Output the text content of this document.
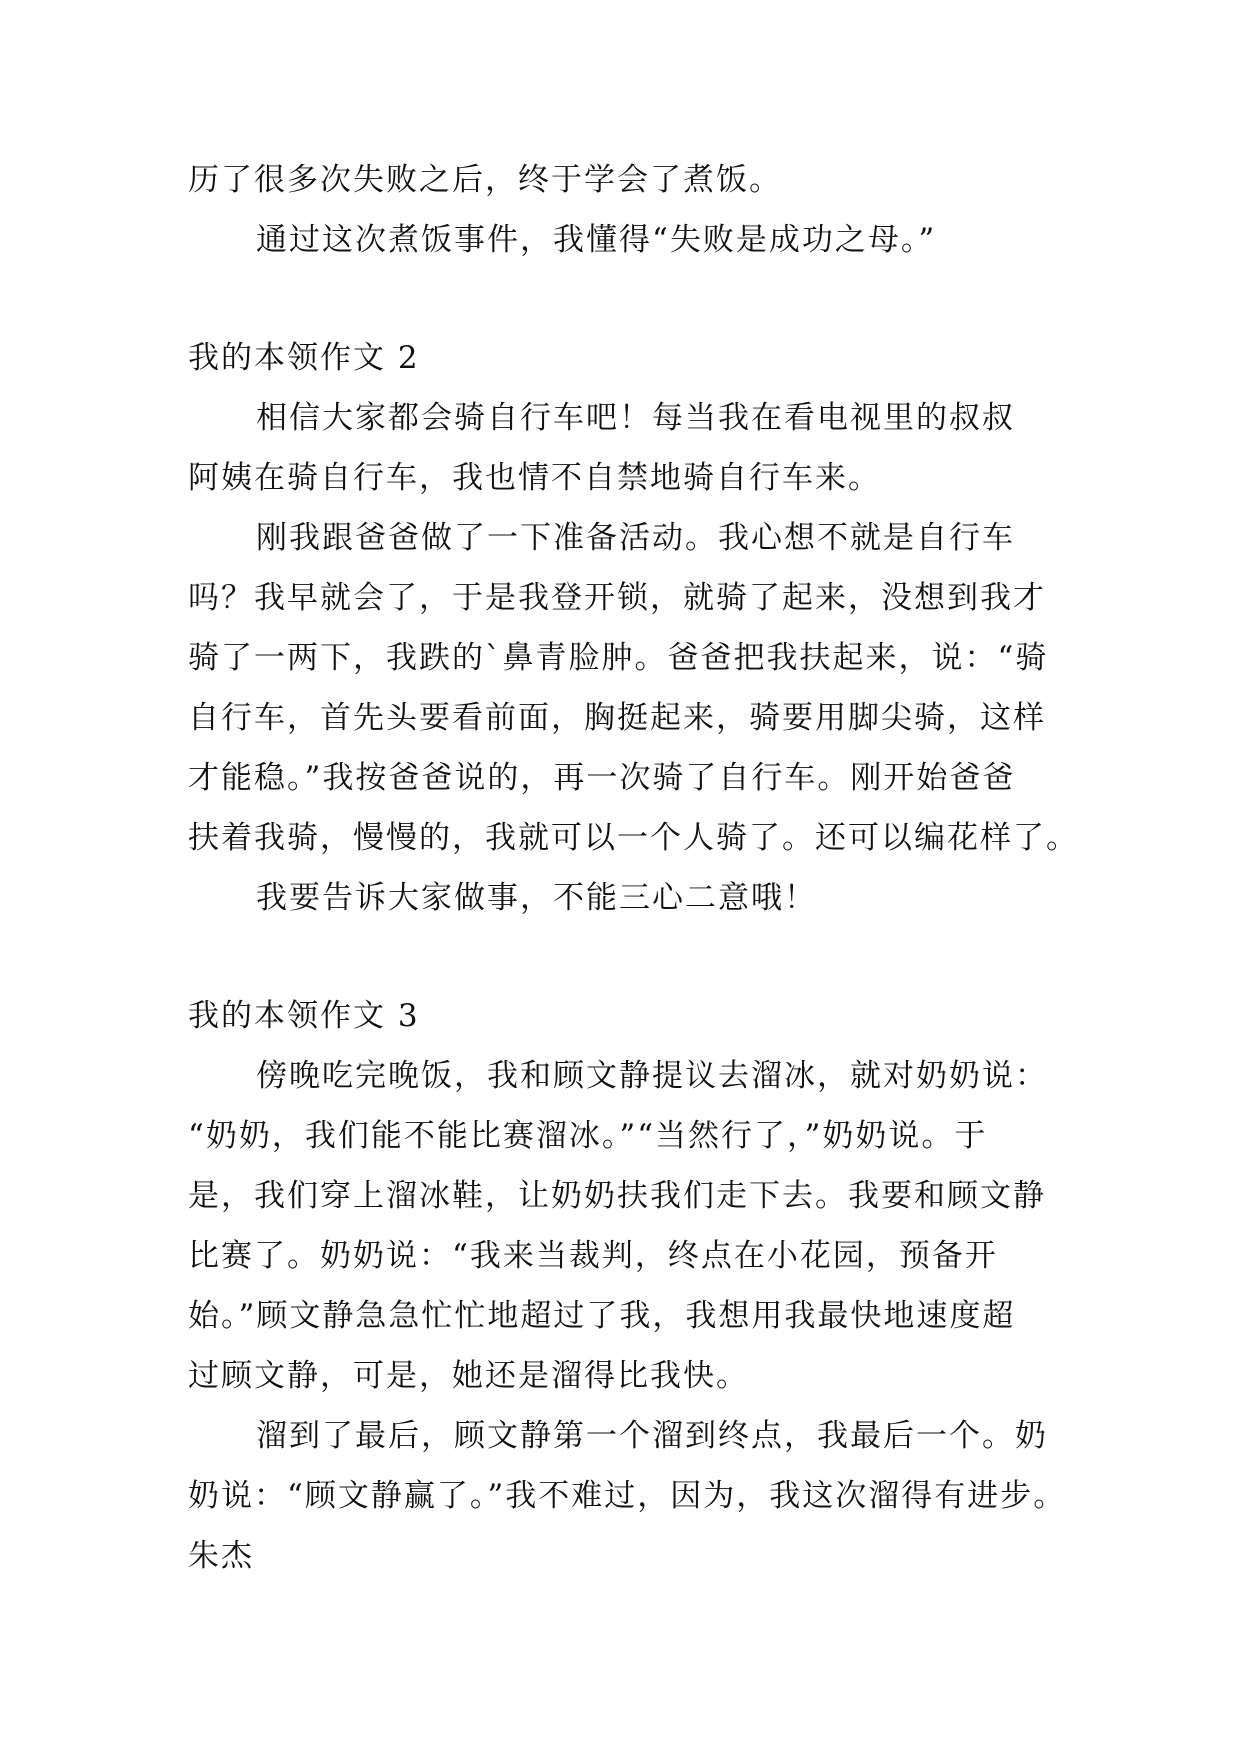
历了很多次失败之后，终于学会了煮饭。
通过这次煮饭事件，我懂得“失败是成功之母。”
我的本领作文 2
相信大家都会骑自行车吧！每当我在看电视里的叔叔
阿姨在骑自行车，我也情不自禁地骑自行车来。
刚我跟爸爸做了一下准备活动。我心想不就是自行车
吗？我早就会了，于是我登开锁，就骑了起来，没想到我才
骑了一两下，我跌的`鼻青脸肿。爸爸把我扶起来，说：“骑
自行车，首先头要看前面，胸挺起来，骑要用脚尖骑，这样
才能稳。”我按爸爸说的，再一次骑了自行车。刚开始爸爸
扶着我骑，慢慢的，我就可以一个人骑了。还可以编花样了。
我要告诉大家做事，不能三心二意哦！
我的本领作文 3
傍晚吃完晚饭，我和顾文静提议去溜冰，就对奶奶说：
“奶奶，我们能不能比赛溜冰。”“当然行了，”奶奶说。于
是，我们穿上溜冰鞋，让奶奶扶我们走下去。我要和顾文静
比赛了。奶奶说：“我来当裁判，终点在小花园，预备开
始。”顾文静急急忙忙地超过了我，我想用我最快地速度超
过顾文静，可是，她还是溜得比我快。
溜到了最后，顾文静第一个溜到终点，我最后一个。奶
奶说：“顾文静赢了。”我不难过，因为，我这次溜得有进步。
朱杰
